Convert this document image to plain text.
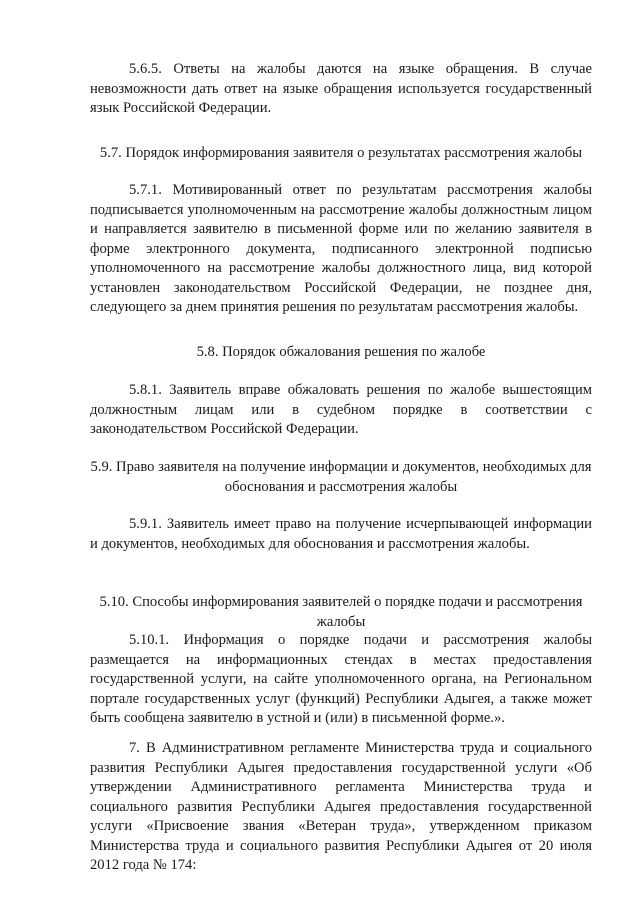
5.6.5. Ответы на жалобы даются на языке обращения. В случае невозможности дать ответ на языке обращения используется государственный язык Российской Федерации.

5.7. Порядок информирования заявителя о результатах рассмотрения жалобы

5.7.1. Мотивированный ответ по результатам рассмотрения жалобы подписывается уполномоченным на рассмотрение жалобы должностным лицом и направляется заявителю в письменной форме или по желанию заявителя в форме электронного документа, подписанного электронной подписью уполномоченного на рассмотрение жалобы должностного лица, вид которой установлен законодательством Российской Федерации, не позднее дня, следующего за днем принятия решения по результатам рассмотрения жалобы.

5.8. Порядок обжалования решения по жалобе

5.8.1. Заявитель вправе обжаловать решения по жалобе вышестоящим должностным лицам или в судебном порядке в соответствии с законодательством Российской Федерации.

5.9. Право заявителя на получение информации и документов, необходимых для обоснования и рассмотрения жалобы

5.9.1. Заявитель имеет право на получение исчерпывающей информации и документов, необходимых для обоснования и рассмотрения жалобы.

5.10. Способы информирования заявителей о порядке подачи и рассмотрения жалобы

5.10.1. Информация о порядке подачи и рассмотрения жалобы размещается на информационных стендах в местах предоставления государственной услуги, на сайте уполномоченного органа, на Региональном портале государственных услуг (функций) Республики Адыгея, а также может быть сообщена заявителю в устной и (или) в письменной форме.».

7. В Административном регламенте Министерства труда и социального развития Республики Адыгея предоставления государственной услуги «Об утверждении Административного регламента Министерства труда и социального развития Республики Адыгея предоставления государственной услуги «Присвоение звания «Ветеран труда», утвержденном приказом Министерства труда и социального развития Республики Адыгея от 20 июля 2012 года № 174:
